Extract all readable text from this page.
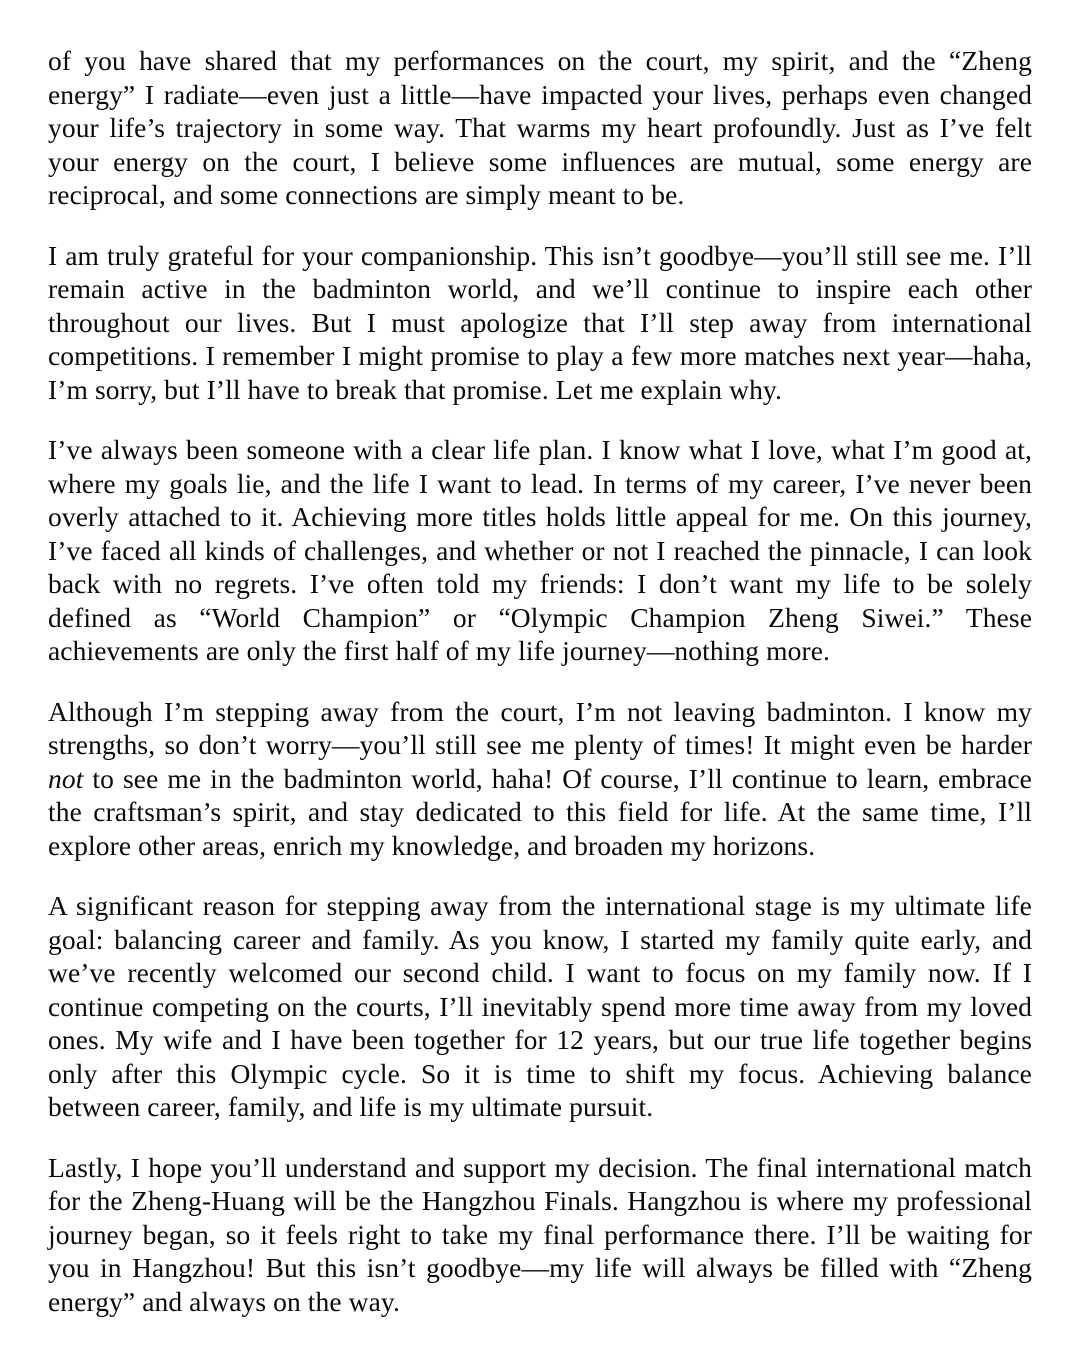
of you have shared that my performances on the court, my spirit, and the “Zheng energy” I radiate—even just a little—have impacted your lives, perhaps even changed your life’s trajectory in some way. That warms my heart profoundly. Just as I’ve felt your energy on the court, I believe some influences are mutual, some energy are reciprocal, and some connections are simply meant to be.

I am truly grateful for your companionship. This isn’t goodbye—you’ll still see me. I’ll remain active in the badminton world, and we’ll continue to inspire each other throughout our lives. But I must apologize that I’ll step away from international competitions. I remember I might promise to play a few more matches next year—haha, I’m sorry, but I’ll have to break that promise. Let me explain why.

I’ve always been someone with a clear life plan. I know what I love, what I’m good at, where my goals lie, and the life I want to lead. In terms of my career, I’ve never been overly attached to it. Achieving more titles holds little appeal for me. On this journey, I’ve faced all kinds of challenges, and whether or not I reached the pinnacle, I can look back with no regrets. I’ve often told my friends: I don’t want my life to be solely defined as “World Champion” or “Olympic Champion Zheng Siwei.” These achievements are only the first half of my life journey—nothing more.

Although I’m stepping away from the court, I’m not leaving badminton. I know my strengths, so don’t worry—you’ll still see me plenty of times! It might even be harder not to see me in the badminton world, haha! Of course, I’ll continue to learn, embrace the craftsman’s spirit, and stay dedicated to this field for life. At the same time, I’ll explore other areas, enrich my knowledge, and broaden my horizons.

A significant reason for stepping away from the international stage is my ultimate life goal: balancing career and family. As you know, I started my family quite early, and we’ve recently welcomed our second child. I want to focus on my family now. If I continue competing on the courts, I’ll inevitably spend more time away from my loved ones. My wife and I have been together for 12 years, but our true life together begins only after this Olympic cycle. So it is time to shift my focus. Achieving balance between career, family, and life is my ultimate pursuit.

Lastly, I hope you’ll understand and support my decision. The final international match for the Zheng-Huang will be the Hangzhou Finals. Hangzhou is where my professional journey began, so it feels right to take my final performance there. I’ll be waiting for you in Hangzhou! But this isn’t goodbye—my life will always be filled with “Zheng energy” and always on the way.
